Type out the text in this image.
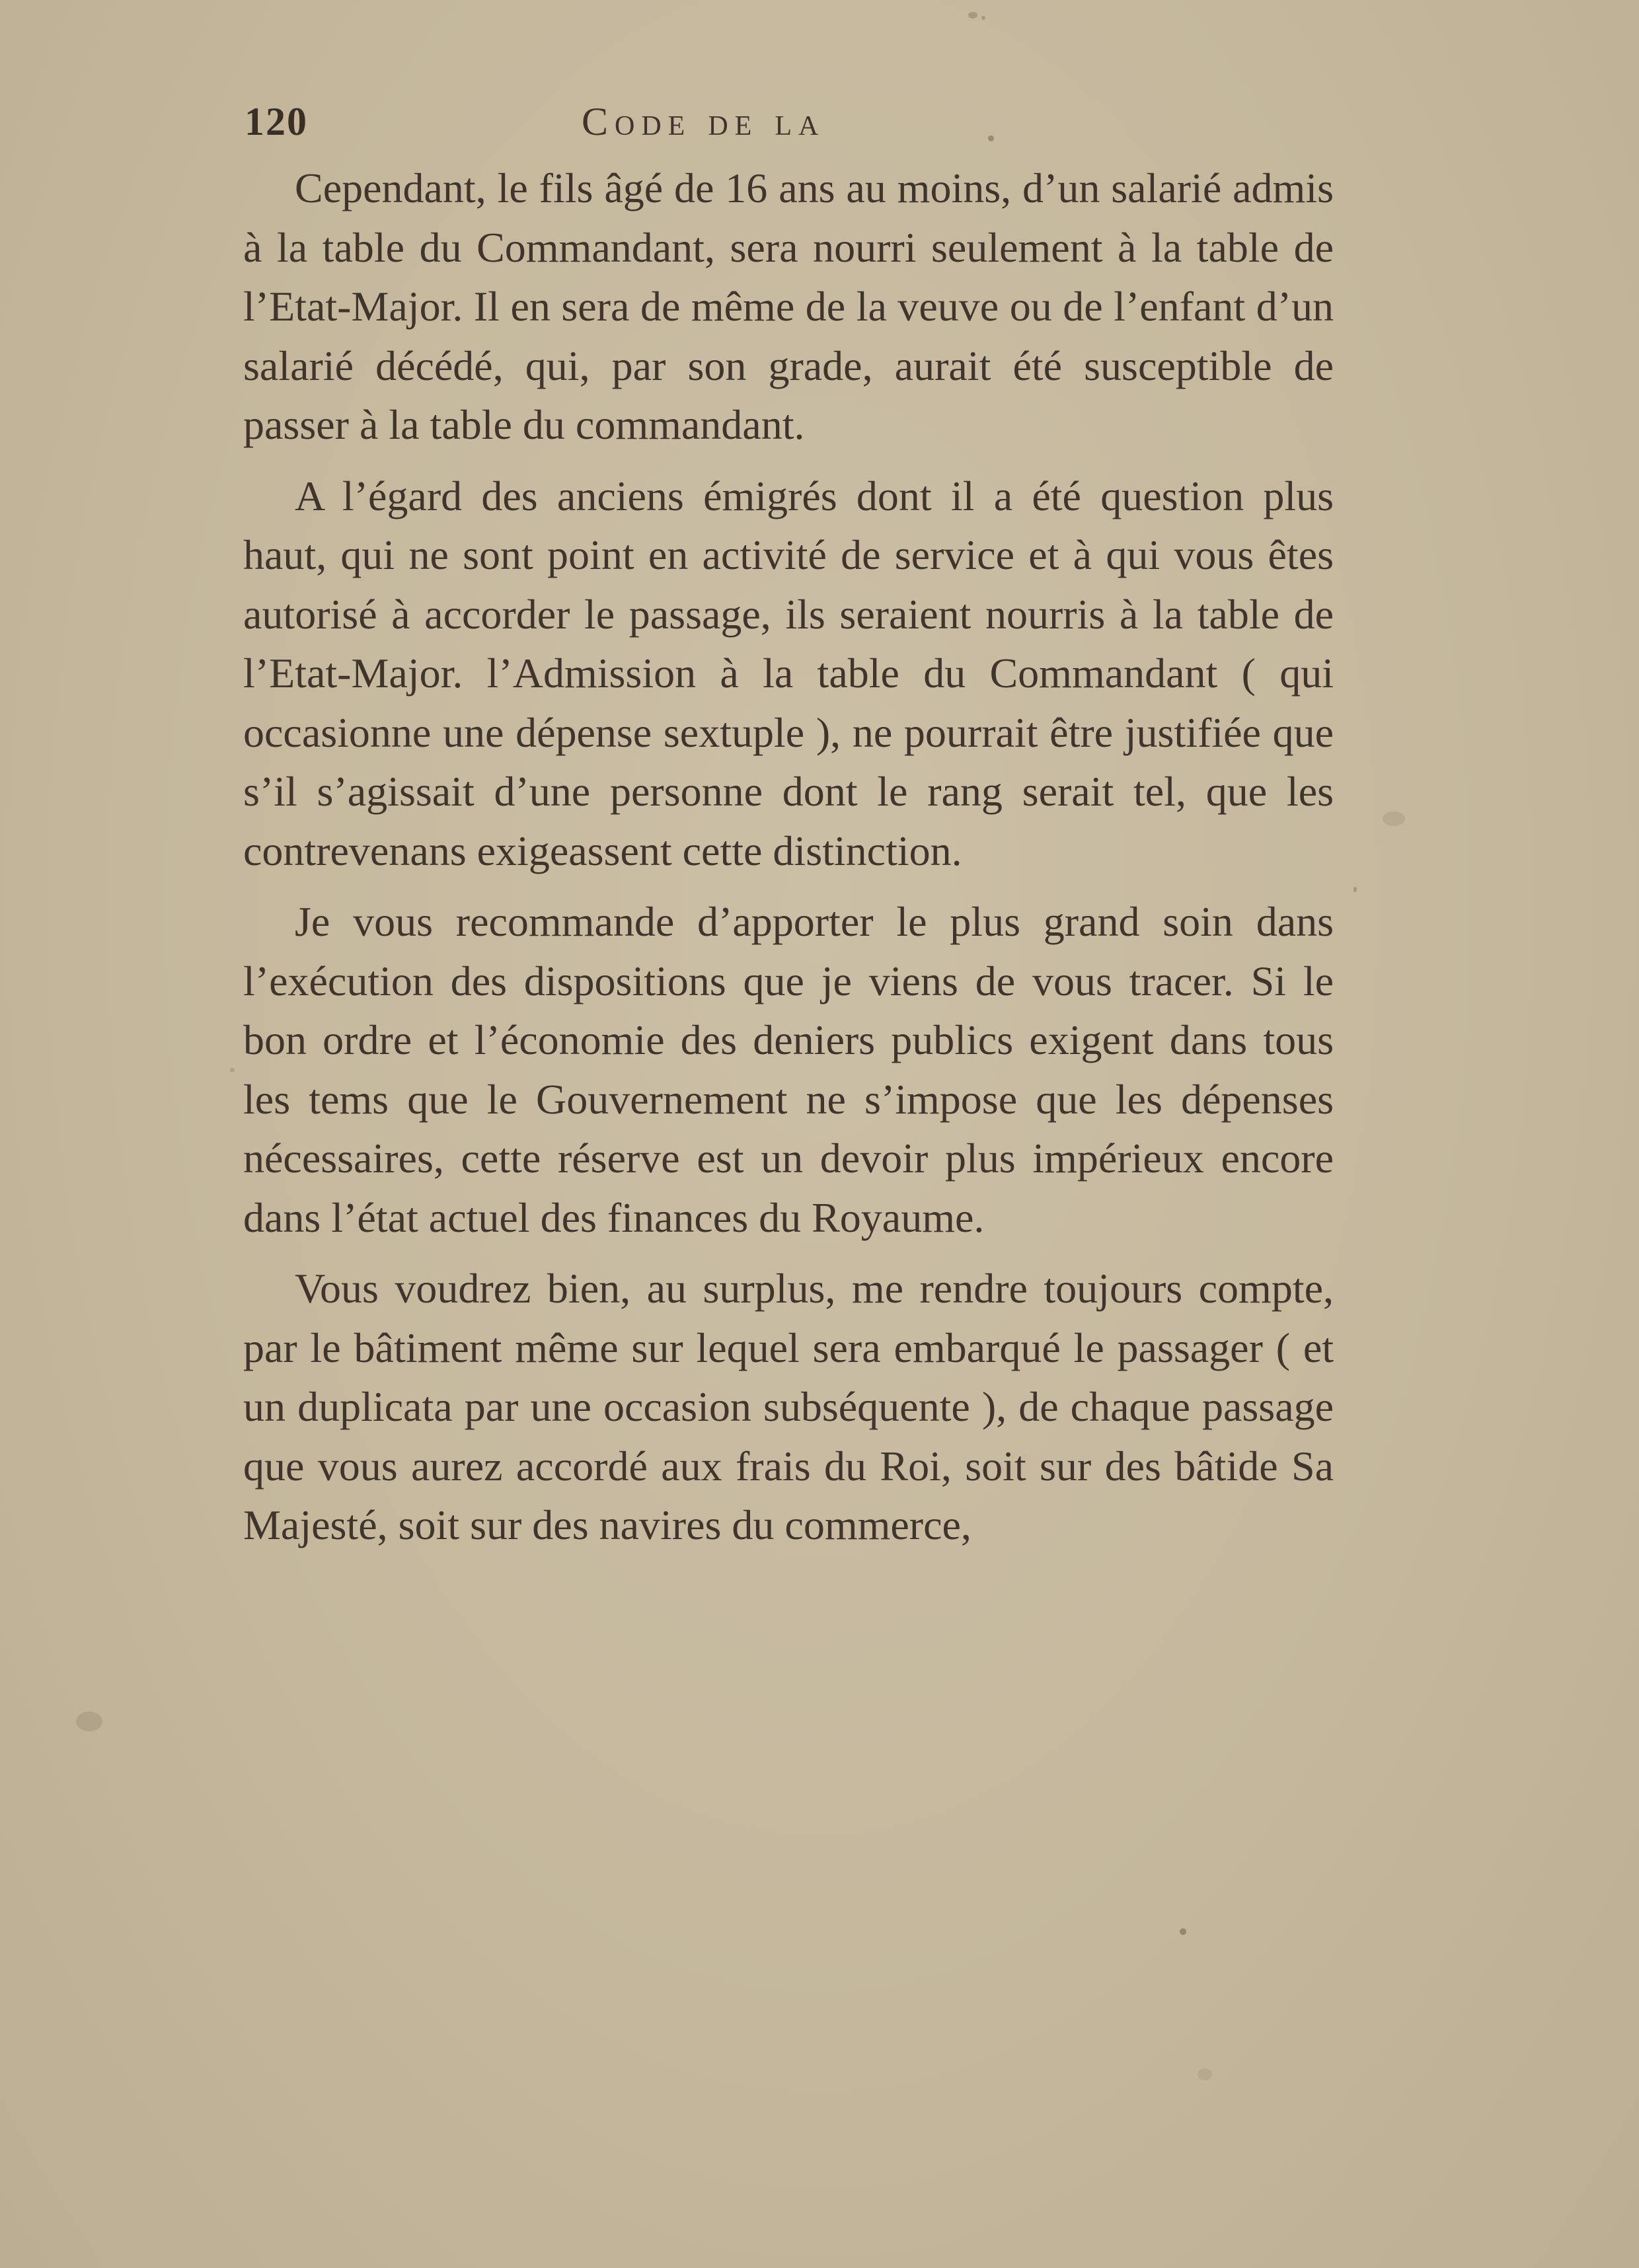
120	Code de la

Cependant, le fils âgé de 16 ans au moins, d’un salarié admis à la table du Commandant, sera nourri seulement à la table de l’Etat-Major. Il en sera de même de la veuve ou de l’enfant d’un salarié décédé, qui, par son grade, aurait été susceptible de passer à la table du commandant.

A l’égard des anciens émigrés dont il a été question plus haut, qui ne sont point en activité de service et à qui vous êtes autorisé à accorder le passage, ils seraient nourris à la table de l’Etat-Major. l’Admission à la table du Commandant ( qui occasionne une dépense sextuple ), ne pourrait être justifiée que s’il s’agissait d’une personne dont le rang serait tel, que les contrevenans exigeassent cette distinction.

Je vous recommande d’apporter le plus grand soin dans l’exécution des dispositions que je viens de vous tracer. Si le bon ordre et l’économie des deniers publics exigent dans tous les tems que le Gouvernement ne s’impose que les dépenses nécessaires, cette réserve est un devoir plus impérieux encore dans l’état actuel des finances du Royaume.

Vous voudrez bien, au surplus, me rendre toujours compte, par le bâtiment même sur lequel sera embarqué le passager ( et un duplicata par une occasion subséquente ), de chaque passage que vous aurez accordé aux frais du Roi, soit sur des bâtide Sa Majesté, soit sur des navires du commerce,
